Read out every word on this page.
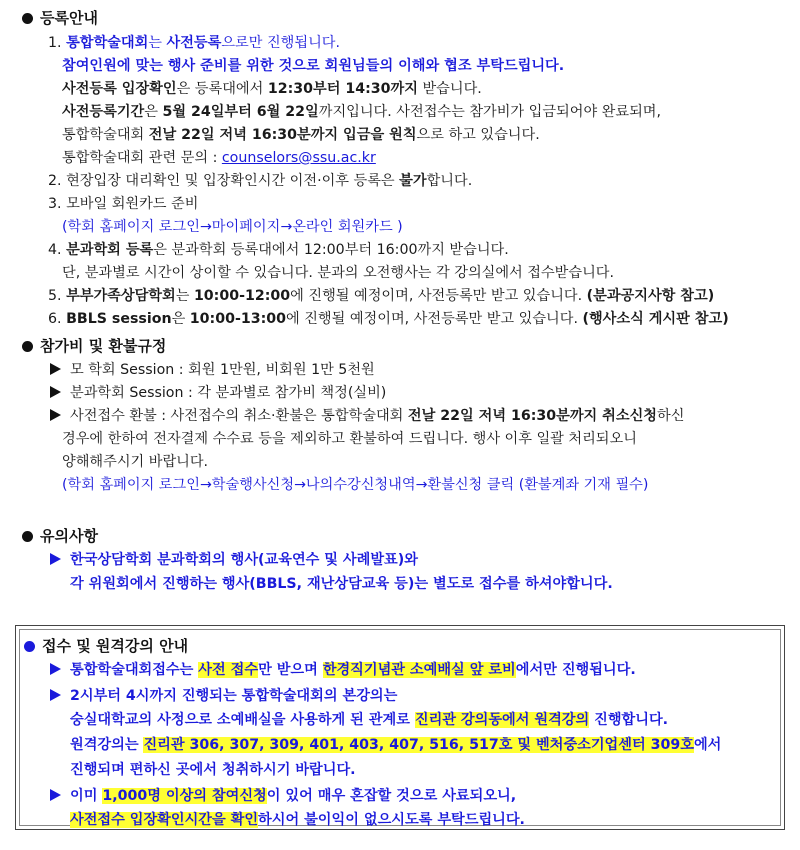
등록안내
1. 통합학술대회는 사전등록으로만 진행됩니다.
참여인원에 맞는 행사 준비를 위한 것으로 회원님들의 이해와 협조 부탁드립니다.
사전등록 입장확인은 등록대에서 12:30부터 14:30까지 받습니다.
사전등록기간은 5월 24일부터 6월 22일까지입니다. 사전접수는 참가비가 입금되어야 완료되며,
통합학술대회 전날 22일 저녁 16:30분까지 입금을 원칙으로 하고 있습니다.
통합학술대회 관련 문의 : counselors@ssu.ac.kr
2. 현장입장 대리확인 및 입장확인시간 이전·이후 등록은 불가합니다.
3. 모바일 회원카드 준비
(학회 홈페이지 로그인→마이페이지→온라인 회원카드 )
4. 분과학회 등록은 분과학회 등록대에서 12:00부터 16:00까지 받습니다.
단, 분과별로 시간이 상이할 수 있습니다. 분과의 오전행사는 각 강의실에서 접수받습니다.
5. 부부가족상담학회는 10:00-12:00에 진행될 예정이며, 사전등록만 받고 있습니다. (분과공지사항 참고)
6. BBLS session은 10:00-13:00에 진행될 예정이며, 사전등록만 받고 있습니다. (행사소식 게시판 참고)
참가비 및 환불규정
모 학회 Session : 회원 1만원, 비회원 1만 5천원
분과학회 Session : 각 분과별로 참가비 책정(실비)
사전접수 환불 : 사전접수의 취소·환불은 통합학술대회 전날 22일 저녁 16:30분까지 취소신청하신
경우에 한하여 전자결제 수수료 등을 제외하고 환불하여 드립니다. 행사 이후 일괄 처리되오니
양해해주시기 바랍니다.
(학회 홈페이지 로그인→학술행사신청→나의수강신청내역→환불신청 클릭 (환불계좌 기재 필수)
유의사항
한국상담학회 분과학회의 행사(교육연수 및 사례발표)와
각 위원회에서 진행하는 행사(BBLS, 재난상담교육 등)는 별도로 접수를 하셔야합니다.
접수 및 원격강의 안내
통합학술대회접수는 사전 접수만 받으며 한경직기념관 소예배실 앞 로비에서만 진행됩니다.
2시부터 4시까지 진행되는 통합학술대회의 본강의는
숭실대학교의 사정으로 소예배실을 사용하게 된 관계로 진리관 강의동에서 원격강의 진행합니다.
원격강의는 진리관 306, 307, 309, 401, 403, 407, 516, 517호 및 벤처중소기업센터 309호에서
진행되며 편하신 곳에서 청취하시기 바랍니다.
이미 1,000명 이상의 참여신청이 있어 매우 혼잡할 것으로 사료되오니,
사전접수 입장확인시간을 확인하시어 불이익이 없으시도록 부탁드립니다.
